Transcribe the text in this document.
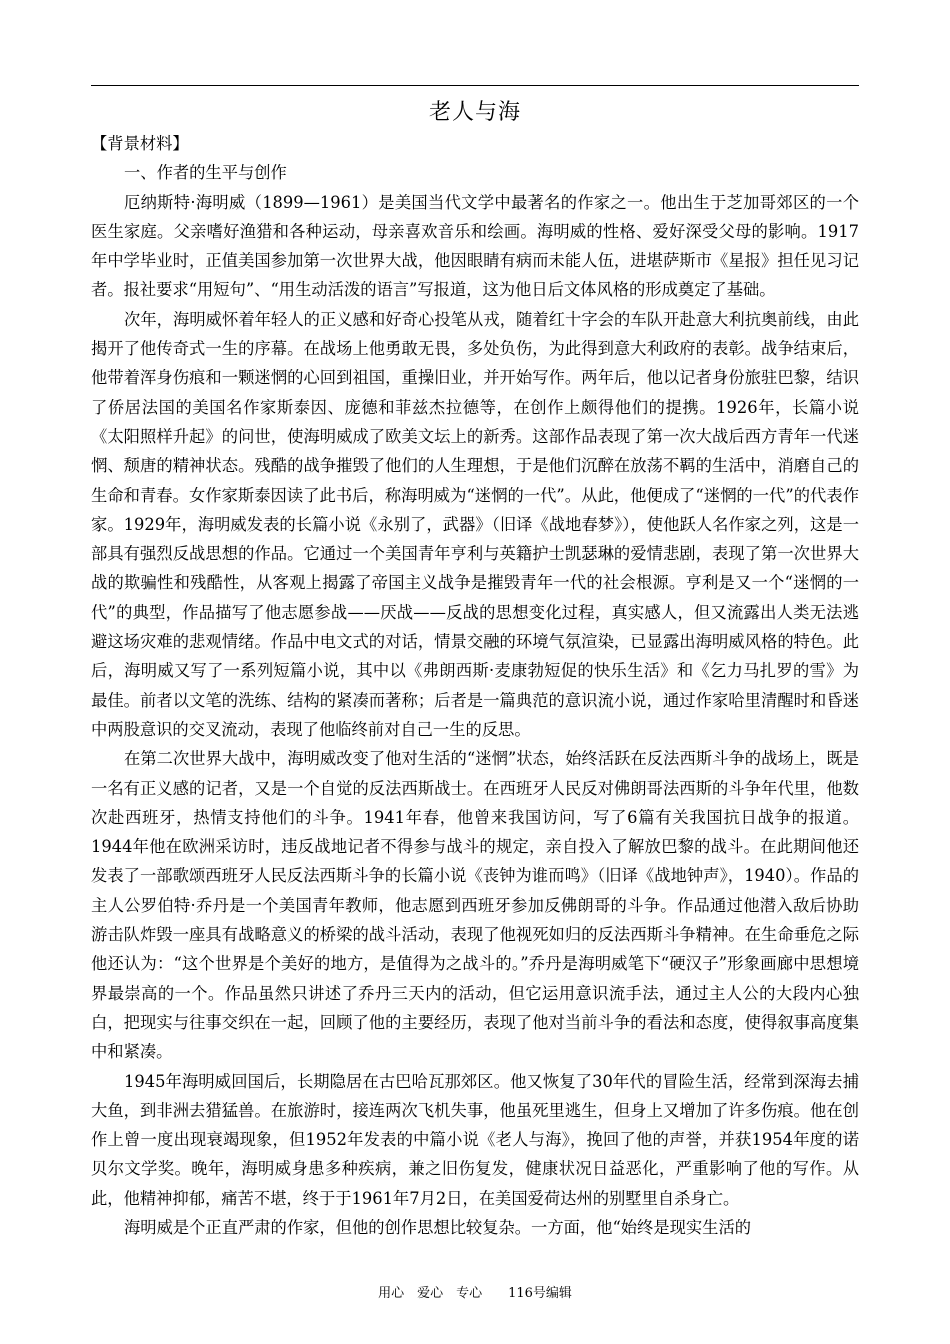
老人与海

【背景材料】

一、作者的生平与创作

厄纳斯特·海明威（1899—1961）是美国当代文学中最著名的作家之一。他出生于芝加哥郊区的一个医生家庭。父亲嗜好渔猎和各种运动，母亲喜欢音乐和绘画。海明威的性格、爱好深受父母的影响。1917年中学毕业时，正值美国参加第一次世界大战，他因眼睛有病而未能人伍，进堪萨斯市《星报》担任见习记者。报社要求“用短句”、“用生动活泼的语言”写报道，这为他日后文体风格的形成奠定了基础。

次年，海明威怀着年轻人的正义感和好奇心投笔从戎，随着红十字会的车队开赴意大利抗奥前线，由此揭开了他传奇式一生的序幕。在战场上他勇敢无畏，多处负伤，为此得到意大利政府的表彰。战争结束后，他带着浑身伤痕和一颗迷惘的心回到祖国，重操旧业，并开始写作。两年后，他以记者身份旅驻巴黎，结识了侨居法国的美国名作家斯泰因、庞德和菲兹杰拉德等，在创作上颇得他们的提携。1926年，长篇小说《太阳照样升起》的问世，使海明威成了欧美文坛上的新秀。这部作品表现了第一次大战后西方青年一代迷惘、颓唐的精神状态。残酷的战争摧毁了他们的人生理想，于是他们沉醉在放荡不羁的生活中，消磨自己的生命和青春。女作家斯泰因读了此书后，称海明威为“迷惘的一代”。从此，他便成了“迷惘的一代”的代表作家。1929年，海明威发表的长篇小说《永别了，武器》（旧译《战地春梦》），使他跃人名作家之列，这是一部具有强烈反战思想的作品。它通过一个美国青年亨利与英籍护士凯瑟琳的爱情悲剧，表现了第一次世界大战的欺骗性和残酷性，从客观上揭露了帝国主义战争是摧毁青年一代的社会根源。亨利是又一个“迷惘的一代”的典型，作品描写了他志愿参战——厌战——反战的思想变化过程，真实感人，但又流露出人类无法逃避这场灾难的悲观情绪。作品中电文式的对话，情景交融的环境气氛渲染，已显露出海明威风格的特色。此后，海明威又写了一系列短篇小说，其中以《弗朗西斯·麦康勃短促的快乐生活》和《乞力马扎罗的雪》为最佳。前者以文笔的洗练、结构的紧凑而著称；后者是一篇典范的意识流小说，通过作家哈里清醒时和昏迷中两股意识的交叉流动，表现了他临终前对自己一生的反思。

在第二次世界大战中，海明威改变了他对生活的“迷惘”状态，始终活跃在反法西斯斗争的战场上，既是一名有正义感的记者，又是一个自觉的反法西斯战士。在西班牙人民反对佛朗哥法西斯的斗争年代里，他数次赴西班牙，热情支持他们的斗争。1941年春，他曾来我国访问，写了6篇有关我国抗日战争的报道。1944年他在欧洲采访时，违反战地记者不得参与战斗的规定，亲自投入了解放巴黎的战斗。在此期间他还发表了一部歌颂西班牙人民反法西斯斗争的长篇小说《丧钟为谁而鸣》（旧译《战地钟声》，1940）。作品的主人公罗伯特·乔丹是一个美国青年教师，他志愿到西班牙参加反佛朗哥的斗争。作品通过他潜入敌后协助游击队炸毁一座具有战略意义的桥梁的战斗活动，表现了他视死如归的反法西斯斗争精神。在生命垂危之际他还认为：“这个世界是个美好的地方，是值得为之战斗的。”乔丹是海明威笔下“硬汉子”形象画廊中思想境界最崇高的一个。作品虽然只讲述了乔丹三天内的活动，但它运用意识流手法，通过主人公的大段内心独白，把现实与往事交织在一起，回顾了他的主要经历，表现了他对当前斗争的看法和态度，使得叙事高度集中和紧凑。

1945年海明威回国后，长期隐居在古巴哈瓦那郊区。他又恢复了30年代的冒险生活，经常到深海去捕大鱼，到非洲去猎猛兽。在旅游时，接连两次飞机失事，他虽死里逃生，但身上又增加了许多伤痕。他在创作上曾一度出现衰竭现象，但1952年发表的中篇小说《老人与海》，挽回了他的声誉，并获1954年度的诺贝尔文学奖。晚年，海明威身患多种疾病，兼之旧伤复发，健康状况日益恶化，严重影响了他的写作。从此，他精神抑郁，痛苦不堪，终于于1961年7月2日，在美国爱荷达州的别墅里自杀身亡。

海明威是个正直严肃的作家，但他的创作思想比较复杂。一方面，他“始终是现实生活的

用心　爱心　专心　　116号编辑
